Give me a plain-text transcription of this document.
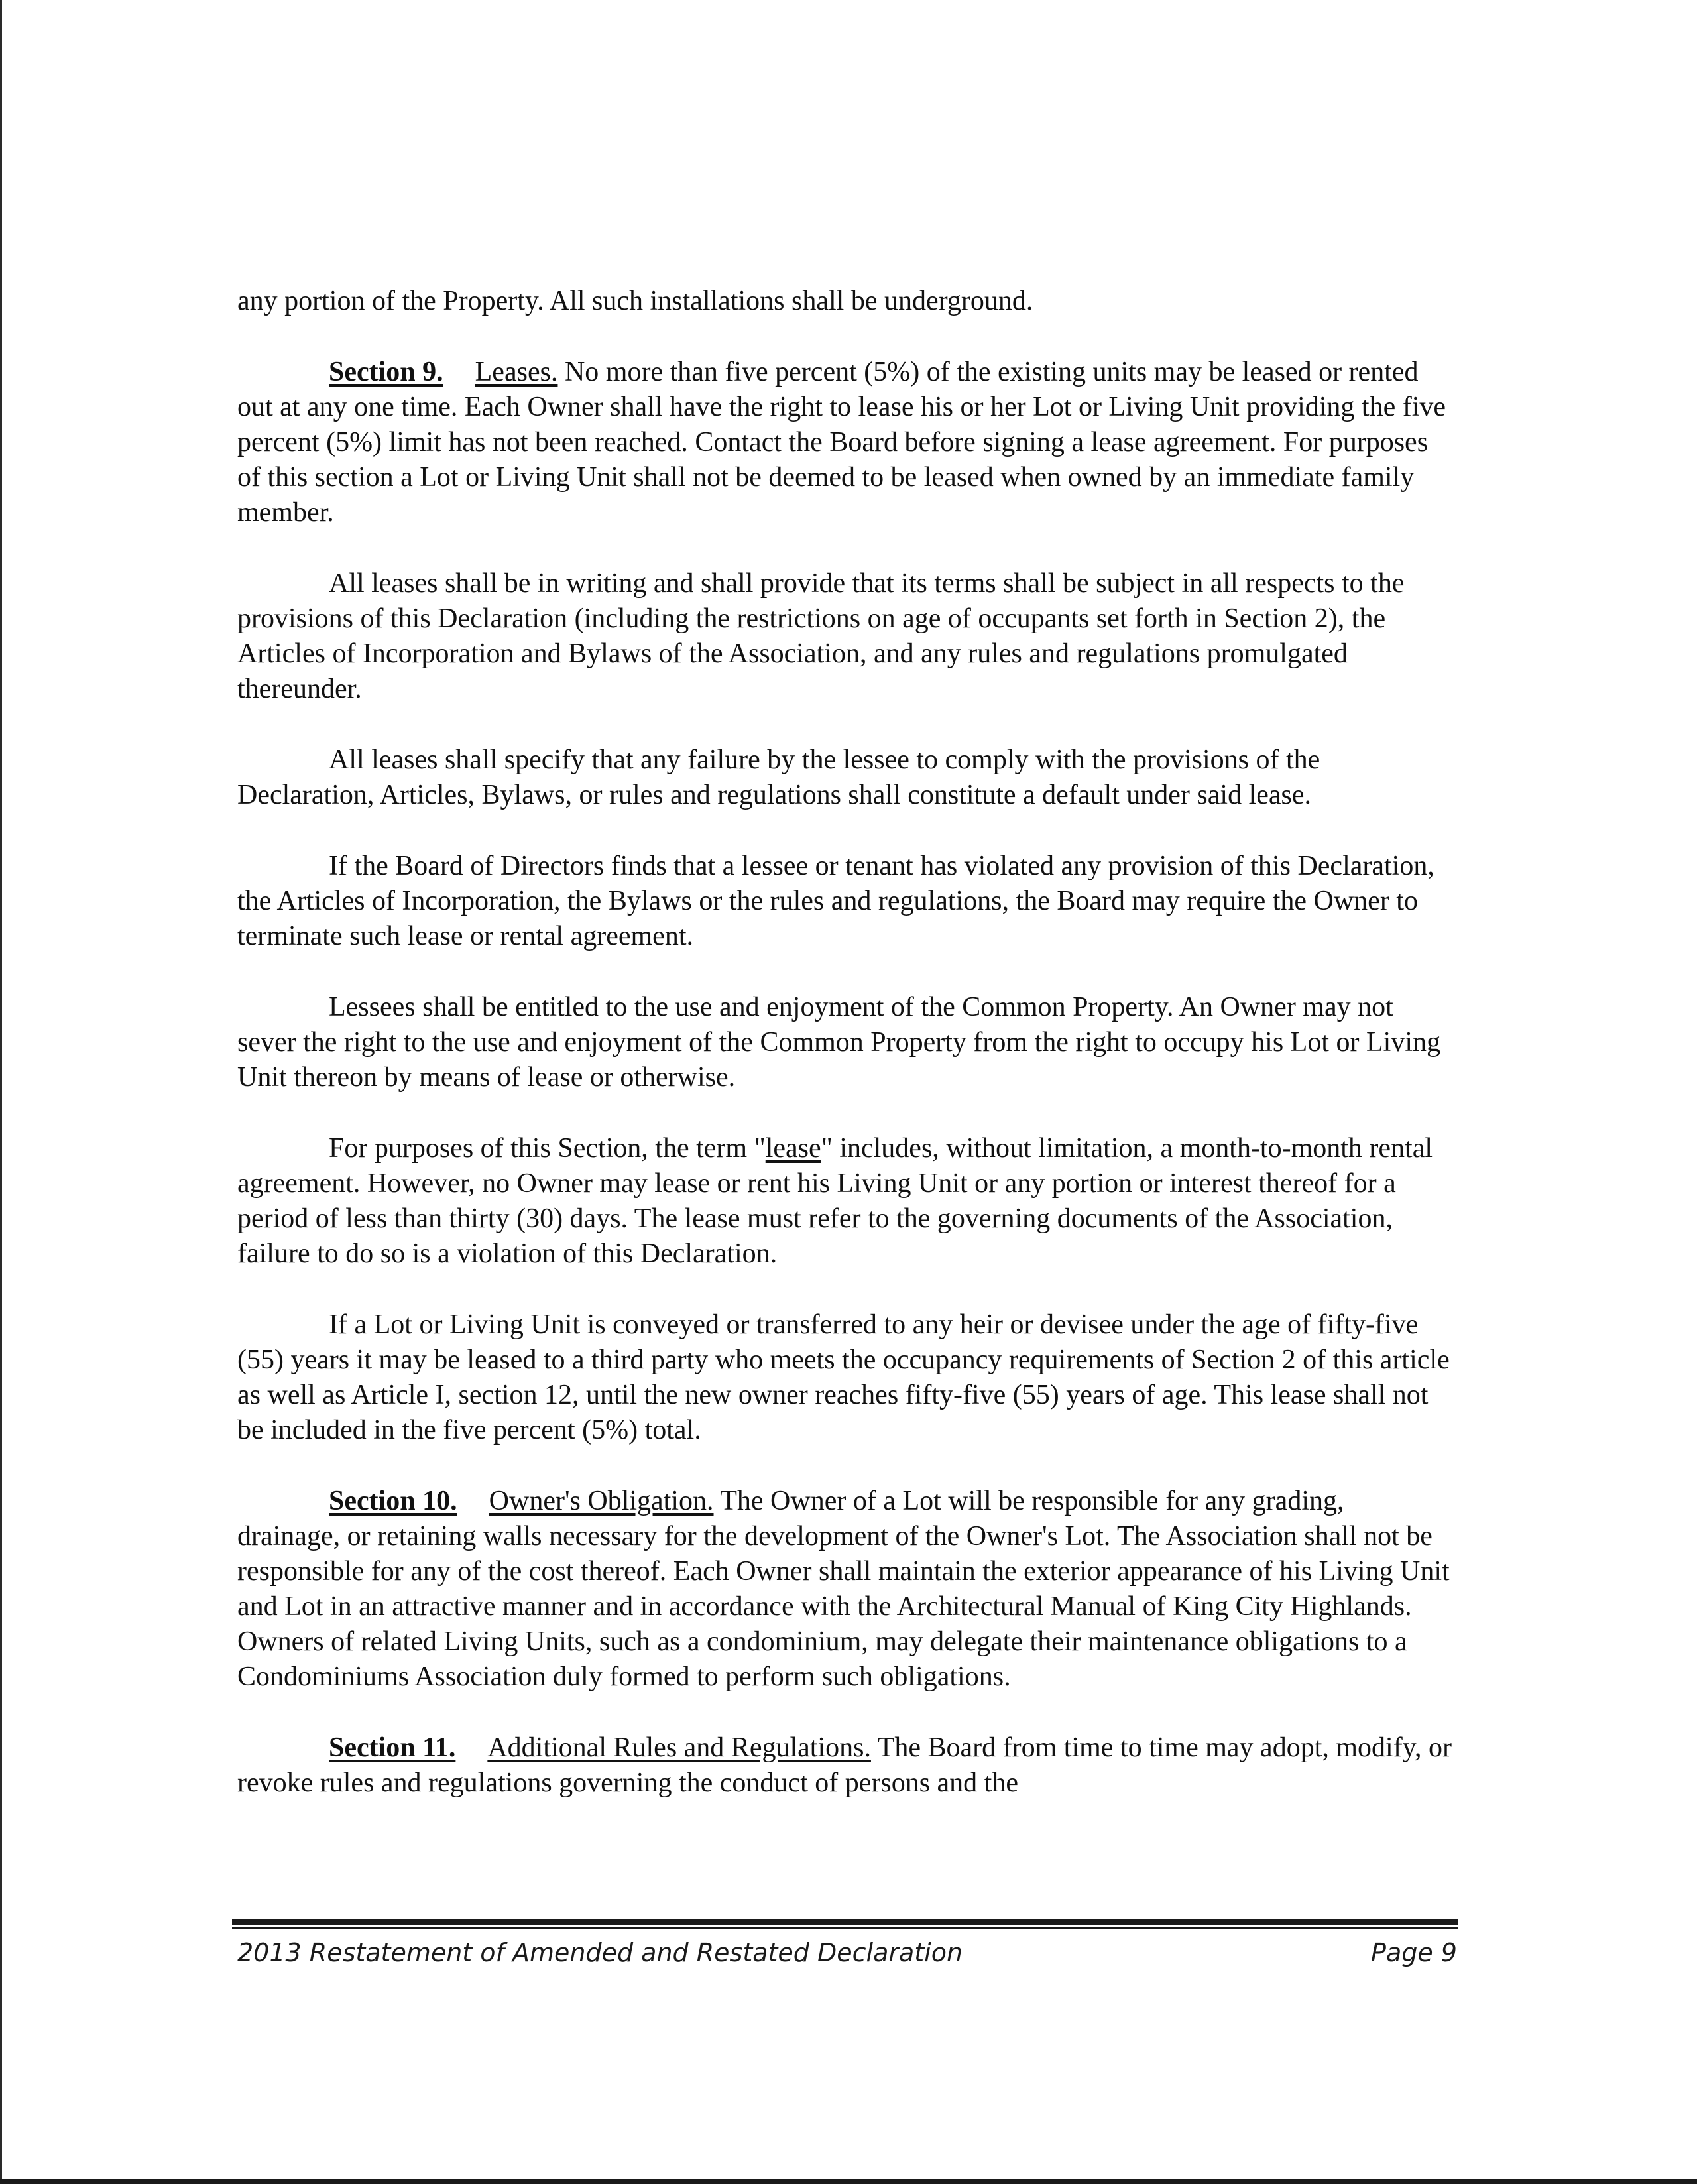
any portion of the Property. All such installations shall be underground.

Section 9. Leases. No more than five percent (5%) of the existing units may be leased or rented out at any one time. Each Owner shall have the right to lease his or her Lot or Living Unit providing the five percent (5%) limit has not been reached. Contact the Board before signing a lease agreement. For purposes of this section a Lot or Living Unit shall not be deemed to be leased when owned by an immediate family member.

All leases shall be in writing and shall provide that its terms shall be subject in all respects to the provisions of this Declaration (including the restrictions on age of occupants set forth in Section 2), the Articles of Incorporation and Bylaws of the Association, and any rules and regulations promulgated thereunder.

All leases shall specify that any failure by the lessee to comply with the provisions of the Declaration, Articles, Bylaws, or rules and regulations shall constitute a default under said lease.

If the Board of Directors finds that a lessee or tenant has violated any provision of this Declaration, the Articles of Incorporation, the Bylaws or the rules and regulations, the Board may require the Owner to terminate such lease or rental agreement.

Lessees shall be entitled to the use and enjoyment of the Common Property. An Owner may not sever the right to the use and enjoyment of the Common Property from the right to occupy his Lot or Living Unit thereon by means of lease or otherwise.

For purposes of this Section, the term "lease" includes, without limitation, a month-to-month rental agreement. However, no Owner may lease or rent his Living Unit or any portion or interest thereof for a period of less than thirty (30) days. The lease must refer to the governing documents of the Association, failure to do so is a violation of this Declaration.

If a Lot or Living Unit is conveyed or transferred to any heir or devisee under the age of fifty-five (55) years it may be leased to a third party who meets the occupancy requirements of Section 2 of this article as well as Article I, section 12, until the new owner reaches fifty-five (55) years of age. This lease shall not be included in the five percent (5%) total.

Section 10. Owner's Obligation. The Owner of a Lot will be responsible for any grading, drainage, or retaining walls necessary for the development of the Owner's Lot. The Association shall not be responsible for any of the cost thereof. Each Owner shall maintain the exterior appearance of his Living Unit and Lot in an attractive manner and in accordance with the Architectural Manual of King City Highlands. Owners of related Living Units, such as a condominium, may delegate their maintenance obligations to a Condominiums Association duly formed to perform such obligations.

Section 11. Additional Rules and Regulations. The Board from time to time may adopt, modify, or revoke rules and regulations governing the conduct of persons and the

2013 Restatement of Amended and Restated Declaration	Page 9
